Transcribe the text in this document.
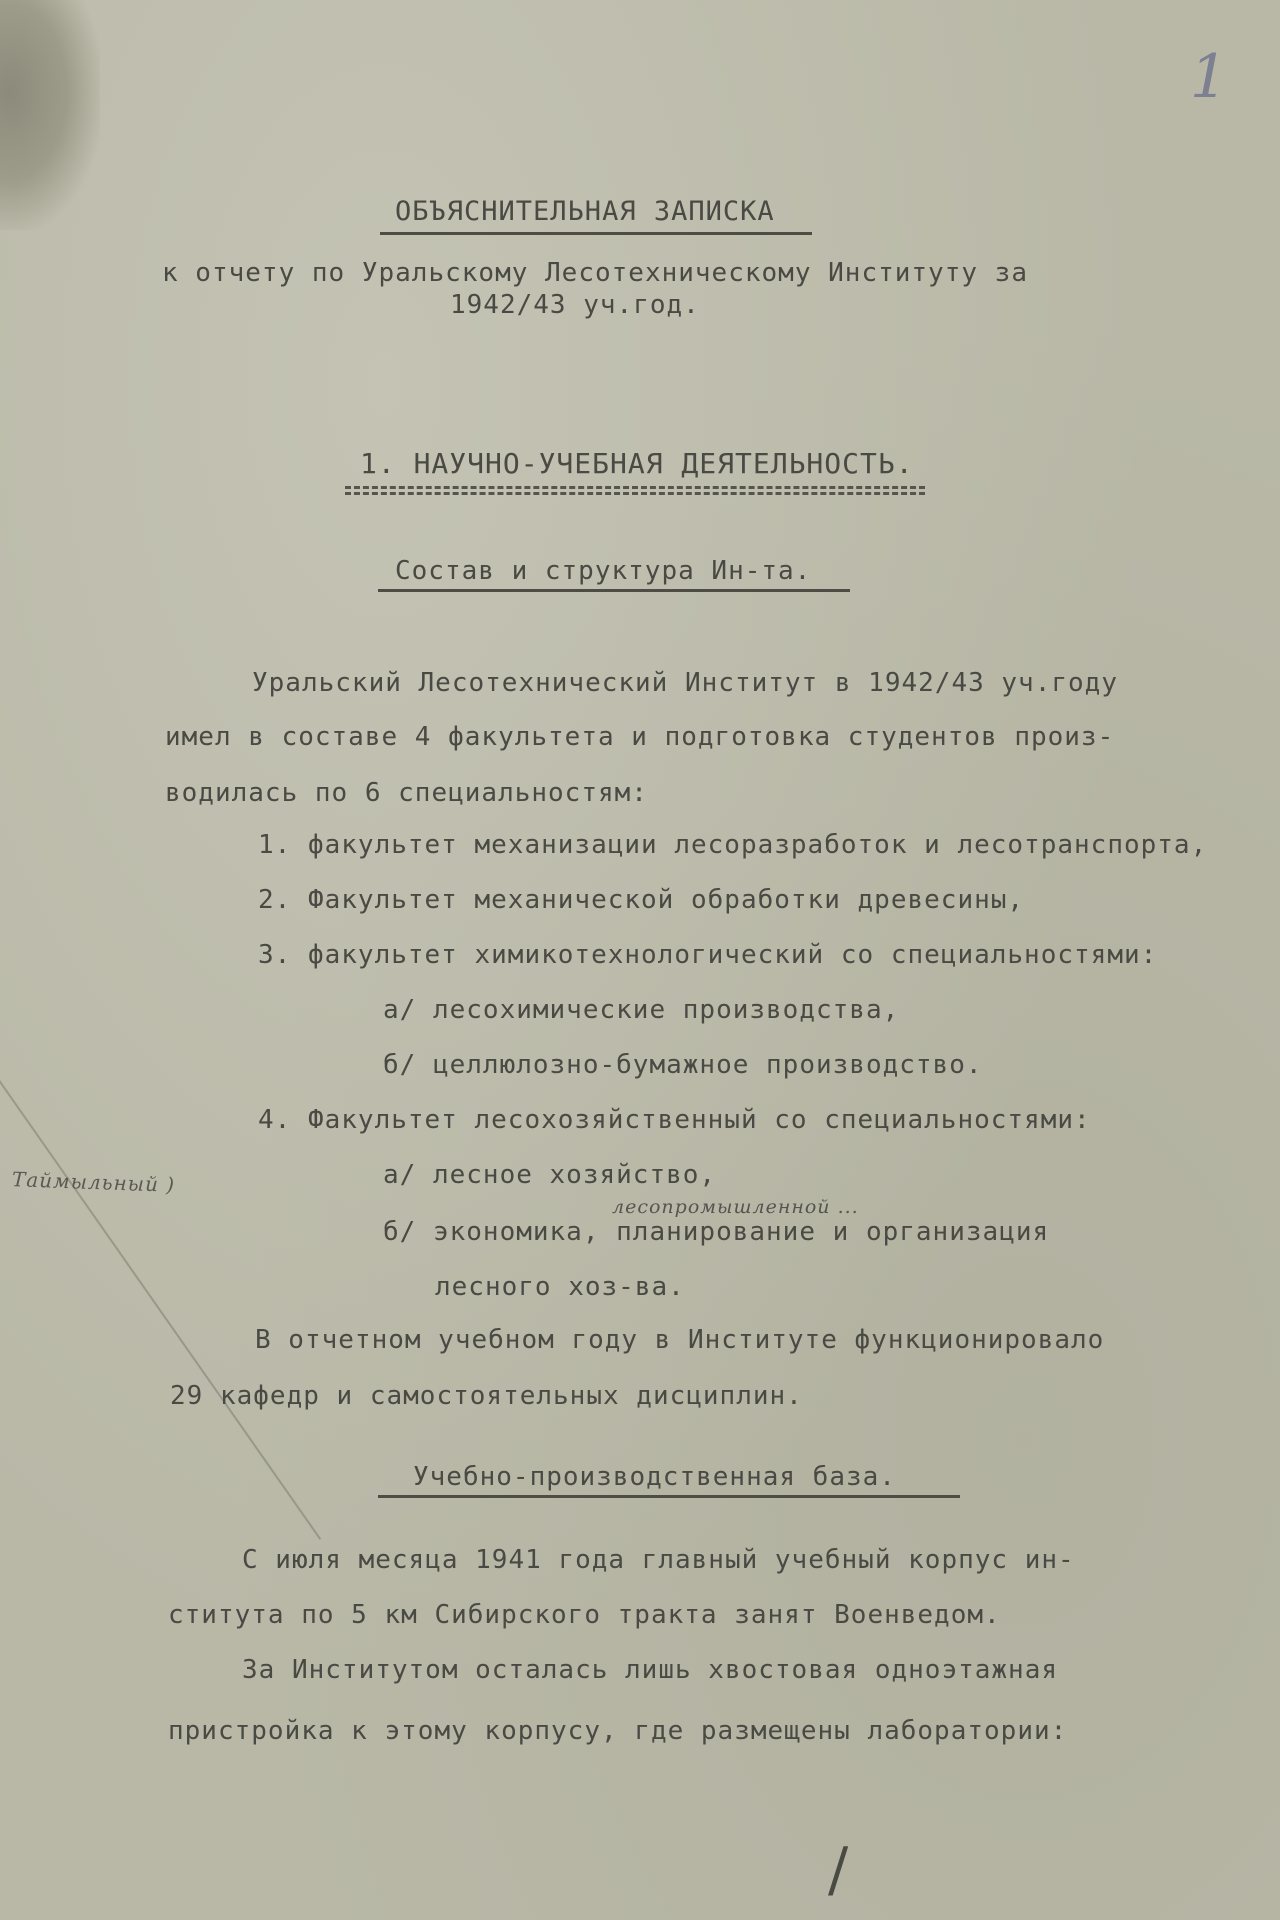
1
ОБЪЯСНИТЕЛЬНАЯ ЗАПИСКА
к отчету по Уральскому Лесотехническому Институту за
1942/43 уч.год.
1. НАУЧНО-УЧЕБНАЯ ДЕЯТЕЛЬНОСТЬ.
Состав и структура Ин-та.
Уральский Лесотехнический Институт в 1942/43 уч.году
имел в составе 4 факультета и подготовка студентов произ-
водилась по 6 специальностям:
1. факультет механизации лесоразработок и лесотранспорта,
2. Факультет механической обработки древесины,
3. факультет химикотехнологический со специальностями:
а/ лесохимические производства,
б/ целлюлозно-бумажное производство.
4. Факультет лесохозяйственный со специальностями:
а/ лесное хозяйство,
б/ экономика, планирование и организация
лесного хоз-ва.
Таймыльный )
лесопромышленной ...
В отчетном учебном году в Институте функционировало
29 кафедр и самостоятельных дисциплин.
Учебно-производственная база.
С июля месяца 1941 года главный учебный корпус ин-
ститута по 5 км Сибирского тракта занят Военведом.
За Институтом осталась лишь хвостовая одноэтажная
пристройка к этому корпусу, где размещены лаборатории:
/
